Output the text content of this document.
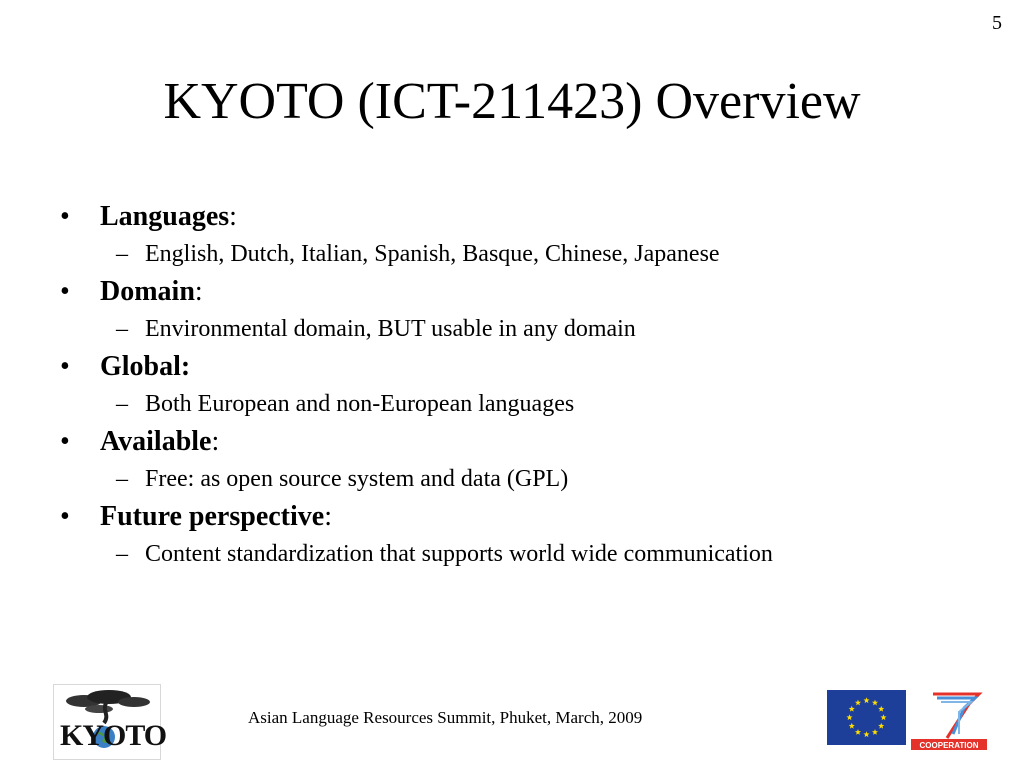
5
KYOTO (ICT-211423) Overview
• Languages:
– English, Dutch, Italian, Spanish, Basque, Chinese, Japanese
• Domain:
– Environmental domain, BUT usable in any domain
• Global:
– Both European and non-European languages
• Available:
– Free: as open source system and data (GPL)
• Future perspective:
– Content standardization that supports world wide communication
KYOTO
Asian Language Resources Summit, Phuket, March, 2009
COOPERATION
